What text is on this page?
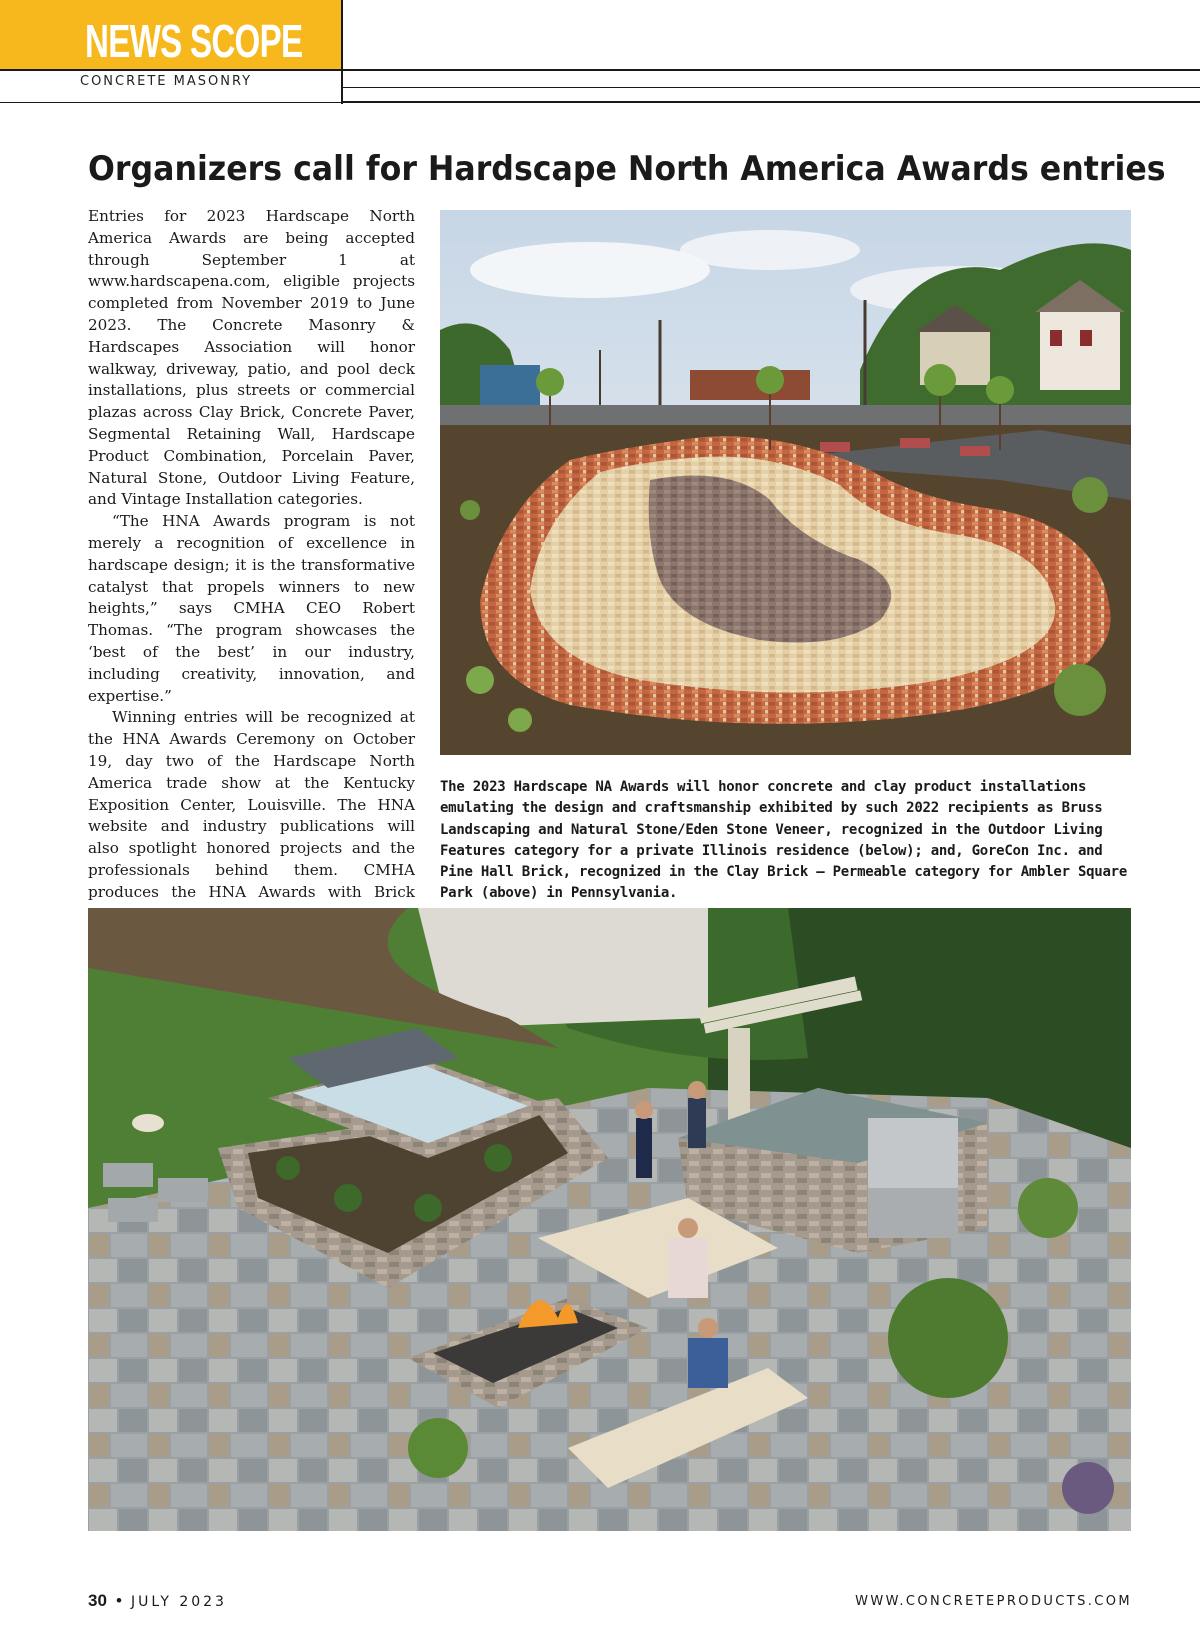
NEWS SCOPE
CONCRETE MASONRY
Organizers call for Hardscape North America Awards entries

Entries for 2023 Hardscape North America Awards are being accepted through September 1 at www.hardscapena.com, eligible projects completed from November 2019 to June 2023. The Concrete Masonry & Hardscapes Association will honor walkway, driveway, patio, and pool deck installations, plus streets or commercial plazas across Clay Brick, Concrete Paver, Segmental Retaining Wall, Hardscape Product Combination, Porcelain Paver, Natural Stone, Outdoor Living Feature, and Vintage Installation categories.

“The HNA Awards program is not merely a recognition of excellence in hardscape design; it is the transformative catalyst that propels winners to new heights,” says CMHA CEO Robert Thomas. “The program showcases the ‘best of the best’ in our industry, including creativity, innovation, and expertise.”

Winning entries will be recognized at the HNA Awards Ceremony on October 19, day two of the Hardscape North America trade show at the Kentucky Exposition Center, Louisville. The HNA website and industry publications will also spotlight honored projects and the professionals behind them. CMHA produces the HNA Awards with Brick

The 2023 Hardscape NA Awards will honor concrete and clay product installations emulating the design and craftsmanship exhibited by such 2022 recipients as Bruss Landscaping and Natural Stone/Eden Stone Veneer, recognized in the Outdoor Living Features category for a private Illinois residence (below); and, GoreCon Inc. and Pine Hall Brick, recognized in the Clay Brick – Permeable category for Ambler Square Park (above) in Pennsylvania.
30 • JULY 2023	WWW.CONCRETEPRODUCTS.COM
